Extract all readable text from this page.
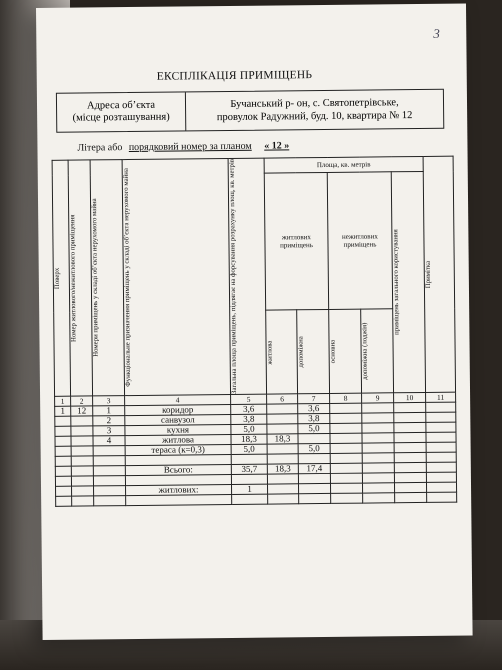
3
ЕКСПЛІКАЦІЯ ПРИМІЩЕНЬ
Адреса об’єкта
(місце розташування)
Бучанський р- он, с. Святопетрівське,
провулок Радужний, буд. 10, квартира № 12
Літера або порядковий номер за планом « 12 »
Поверх	Номер житлового/нежитлового приміщення	Номери приміщень у складі об’єкта нерухомого майна	Функціональне призначення приміщень у складі об’єкта нерухомого майна	Загальна площа приміщень, підлягає на форсування розрахунку площ, кв. метрів	Площа, кв. метрів					Примітка

					житлових приміщень		нежитлових приміщень		приміщень загального користування	

					житлова	допоміжна	основна	допоміжна (лоджія)		

1	2	3	4	5	6	7	8	9	10	11
1	12	1	коридор	3,6		3,6				
		2	санвузол	3,8		3,8				
		3	кухня	5,0		5,0				
		4	житлова	18,3	18,3					
			тераса (к=0,3)	5,0		5,0				

			Всього:	35,7	18,3	17,4				

			житлових:	1						
